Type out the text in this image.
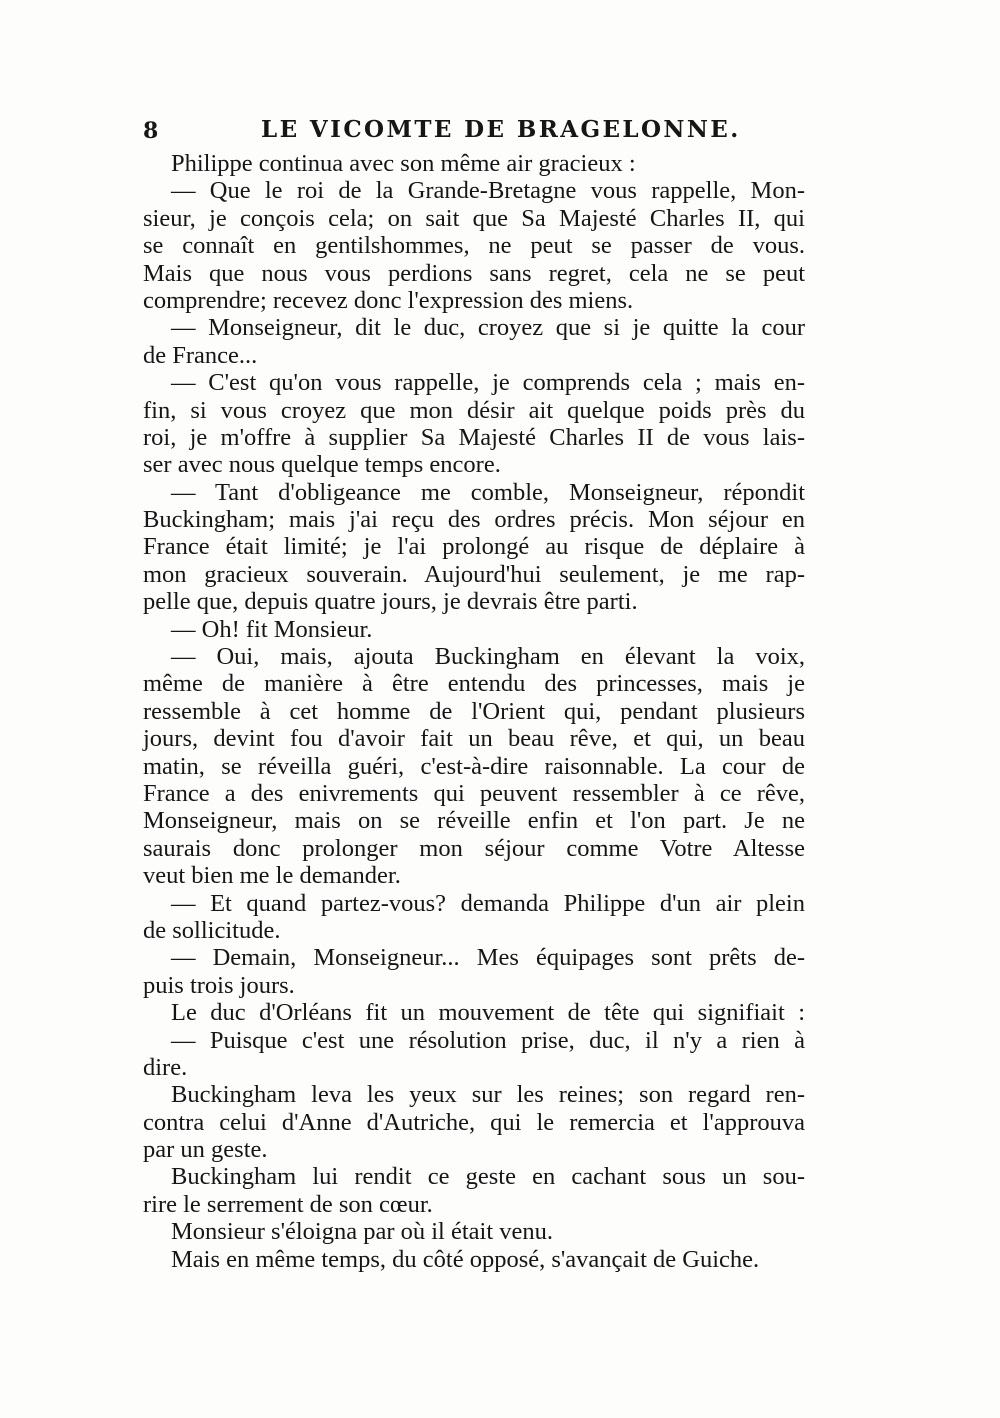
8	LE VICOMTE DE BRAGELONNE.
Philippe continua avec son même air gracieux :
— Que le roi de la Grande-Bretagne vous rappelle, Mon-
sieur, je conçois cela; on sait que Sa Majesté Charles II, qui
se connaît en gentilshommes, ne peut se passer de vous.
Mais que nous vous perdions sans regret, cela ne se peut
comprendre; recevez donc l'expression des miens.
— Monseigneur, dit le duc, croyez que si je quitte la cour
de France...
— C'est qu'on vous rappelle, je comprends cela ; mais en-
fin, si vous croyez que mon désir ait quelque poids près du
roi, je m'offre à supplier Sa Majesté Charles II de vous lais-
ser avec nous quelque temps encore.
— Tant d'obligeance me comble, Monseigneur, répondit
Buckingham; mais j'ai reçu des ordres précis. Mon séjour en
France était limité; je l'ai prolongé au risque de déplaire à
mon gracieux souverain. Aujourd'hui seulement, je me rap-
pelle que, depuis quatre jours, je devrais être parti.
— Oh! fit Monsieur.
— Oui, mais, ajouta Buckingham en élevant la voix,
même de manière à être entendu des princesses, mais je
ressemble à cet homme de l'Orient qui, pendant plusieurs
jours, devint fou d'avoir fait un beau rêve, et qui, un beau
matin, se réveilla guéri, c'est-à-dire raisonnable. La cour de
France a des enivrements qui peuvent ressembler à ce rêve,
Monseigneur, mais on se réveille enfin et l'on part. Je ne
saurais donc prolonger mon séjour comme Votre Altesse
veut bien me le demander.
— Et quand partez-vous? demanda Philippe d'un air plein
de sollicitude.
— Demain, Monseigneur... Mes équipages sont prêts de-
puis trois jours.
Le duc d'Orléans fit un mouvement de tête qui signifiait :
— Puisque c'est une résolution prise, duc, il n'y a rien à
dire.
Buckingham leva les yeux sur les reines; son regard ren-
contra celui d'Anne d'Autriche, qui le remercia et l'approuva
par un geste.
Buckingham lui rendit ce geste en cachant sous un sou-
rire le serrement de son cœur.
Monsieur s'éloigna par où il était venu.
Mais en même temps, du côté opposé, s'avançait de Guiche.
